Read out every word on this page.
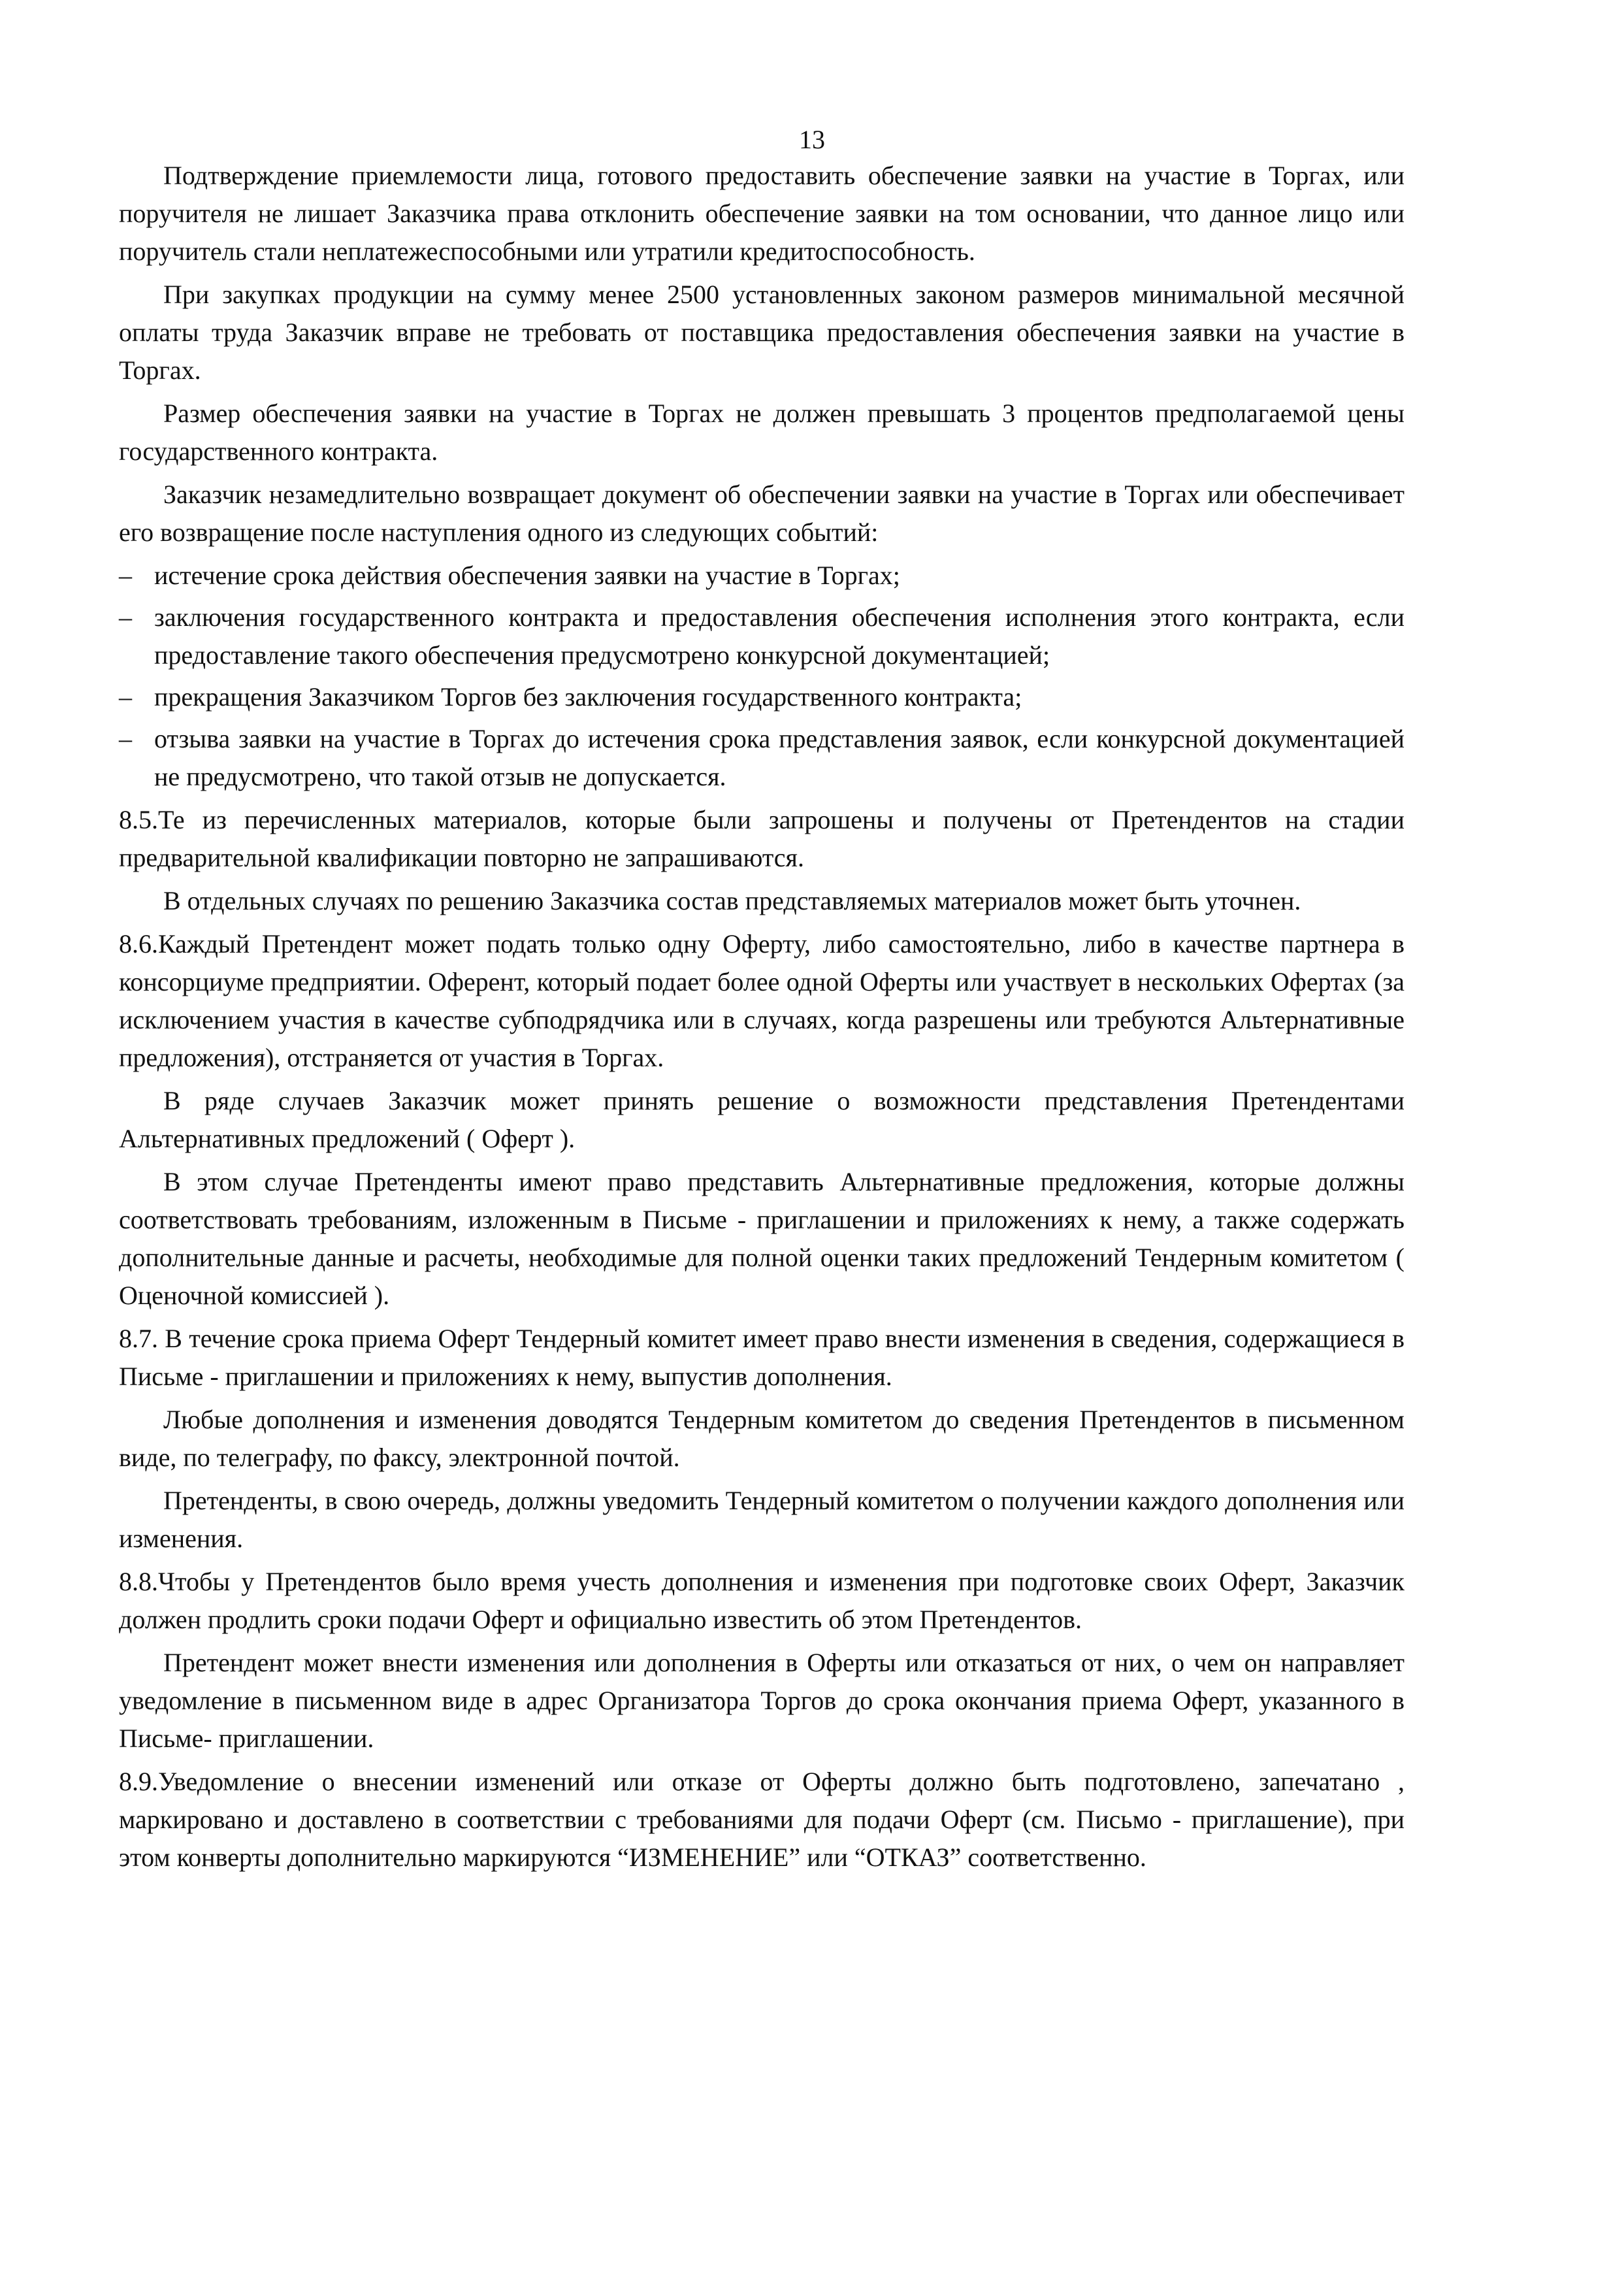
13

Подтверждение приемлемости лица, готового предоставить обеспечение заявки на участие в Торгах, или поручителя не лишает Заказчика права отклонить обеспечение заявки на том основании, что данное лицо или поручитель стали неплатежеспособными или утратили кредитоспособность.

При закупках продукции на сумму менее 2500 установленных законом размеров минимальной месячной оплаты труда Заказчик вправе не требовать от поставщика предоставления обеспечения заявки на участие в Торгах.

Размер обеспечения заявки на участие в Торгах не должен превышать 3 процентов предполагаемой цены государственного контракта.

Заказчик незамедлительно возвращает документ об обеспечении заявки на участие в Торгах или обеспечивает его возвращение после наступления одного из следующих событий:

– истечение срока действия обеспечения заявки на участие в Торгах;
– заключения государственного контракта и предоставления обеспечения исполнения этого контракта, если предоставление такого обеспечения предусмотрено конкурсной документацией;
– прекращения Заказчиком Торгов без заключения государственного контракта;
– отзыва заявки на участие в Торгах до истечения срока представления заявок, если конкурсной документацией не предусмотрено, что такой отзыв не допускается.

8.5.Те из перечисленных материалов, которые были запрошены и получены от Претендентов на стадии предварительной квалификации повторно не запрашиваются.

В отдельных случаях по решению Заказчика состав представляемых материалов может быть уточнен.

8.6.Каждый Претендент может подать только одну Оферту, либо самостоятельно, либо в качестве партнера в консорциуме предприятии. Оферент, который подает более одной Оферты или участвует в нескольких Офертах (за исключением участия в качестве субподрядчика или в случаях, когда разрешены или требуются Альтернативные предложения), отстраняется от участия в Торгах.

В ряде случаев Заказчик может принять решение о возможности представления Претендентами Альтернативных предложений ( Оферт ).

В этом случае Претенденты имеют право представить Альтернативные предложения, которые должны соответствовать требованиям, изложенным в Письме - приглашении и приложениях к нему, а также содержать дополнительные данные и расчеты, необходимые для полной оценки таких предложений Тендерным комитетом ( Оценочной комиссией ).

8.7. В течение срока приема Оферт Тендерный комитет имеет право внести изменения в сведения, содержащиеся в Письме - приглашении и приложениях к нему, выпустив дополнения.

Любые дополнения и изменения доводятся Тендерным комитетом до сведения Претендентов в письменном виде, по телеграфу, по факсу, электронной почтой.

Претенденты, в свою очередь, должны уведомить Тендерный комитетом о получении каждого дополнения или изменения.

8.8.Чтобы у Претендентов было время учесть дополнения и изменения при подготовке своих Оферт, Заказчик должен продлить сроки подачи Оферт и официально известить об этом Претендентов.

Претендент может внести изменения или дополнения в Оферты или отказаться от них, о чем он направляет уведомление в письменном виде в адрес Организатора Торгов до срока окончания приема Оферт, указанного в Письме- приглашении.

8.9.Уведомление о внесении изменений или отказе от Оферты должно быть подготовлено, запечатано , маркировано и доставлено в соответствии с требованиями для подачи Оферт (см. Письмо - приглашение), при этом конверты дополнительно маркируются “ИЗМЕНЕНИЕ” или “ОТКАЗ” соответственно.
